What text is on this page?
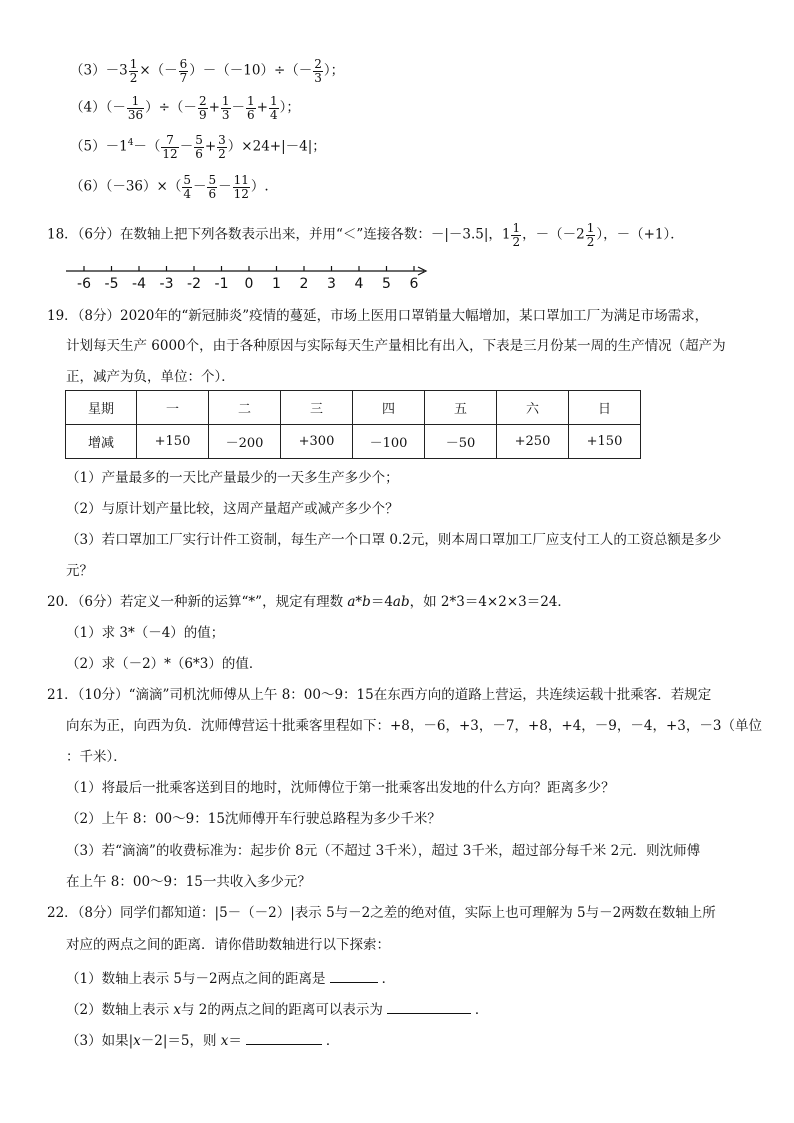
$(3)-3 \frac{1}{2}$ ×（－ $\frac{6}{7} )-(-10)\div(- \frac{2}{3}$ ）；
$(4)(- \frac{1}{36}$ ）÷（－ $\frac{2}{9} + \frac{1}{3} - \frac{1}{6} + \frac{1}{4}$ ）；
$(5)-1^4-( \frac{7}{12} - \frac{5}{6} + \frac{3}{2} )\times 24+|-4|$；
$(6)(-36)\times( \frac{5}{4} - \frac{5}{6} - \frac{11}{12}$ ）.
18．（6分）在数轴上把下列各数表示出来，并用“＜”连接各数：－|－3.5|，$1 \frac{1}{2}$ ，$-(-2 \frac{1}{2}$ ），－（+1）．
-6 -5 -4 -3 -2 -1 0 1 2 3 4 5 6
19．（8分）2020年的“新冠肺炎”疫情的蔓延，市场上医用口罩销量大幅增加，某口罩加工厂为满足市场需求，
计划每天生产 6000个，由于各种原因与实际每天生产量相比有出入，下表是三月份某一周的生产情况（超产为
正，减产为负，单位：个）．
星期	一	二	三	四	五	六	日
增减	+150	－200	+300	－100	－50	+250	+150
（1）产量最多的一天比产量最少的一天多生产多少个；
（2）与原计划产量比较，这周产量超产或减产多少个？
（3）若口罩加工厂实行计件工资制，每生产一个口罩 0.2元，则本周口罩加工厂应支付工人的工资总额是多少
元？
20．（6分）若定义一种新的运算“*”，规定有理数 a*b＝4ab，如 2*3＝4×2×3＝24．
（1）求 3*（－4）的值；
（2）求（－2）*（6*3）的值．
21．（10分）“滴滴”司机沈师傅从上午 8：00～9：15在东西方向的道路上营运，共连续运载十批乘客．若规定
向东为正，向西为负．沈师傅营运十批乘客里程如下：+8，－6，+3，－7，+8，+4，－9，－4，+3，－3（单位
：千米）．
（1）将最后一批乘客送到目的地时，沈师傅位于第一批乘客出发地的什么方向？距离多少？
（2）上午 8：00～9：15沈师傅开车行驶总路程为多少千米？
（3）若“滴滴”的收费标准为：起步价 8元（不超过 3千米），超过 3千米，超过部分每千米 2元．则沈师傅
在上午 8：00～9：15一共收入多少元？
22．（8分）同学们都知道：|5－（－2）|表示 5与－2之差的绝对值，实际上也可理解为 5与－2两数在数轴上所
对应的两点之间的距离．请你借助数轴进行以下探索：
（1）数轴上表示 5与－2两点之间的距离是	．
（2）数轴上表示 x与 2的两点之间的距离可以表示为	．
（3）如果|x－2|＝5，则 x＝	．
